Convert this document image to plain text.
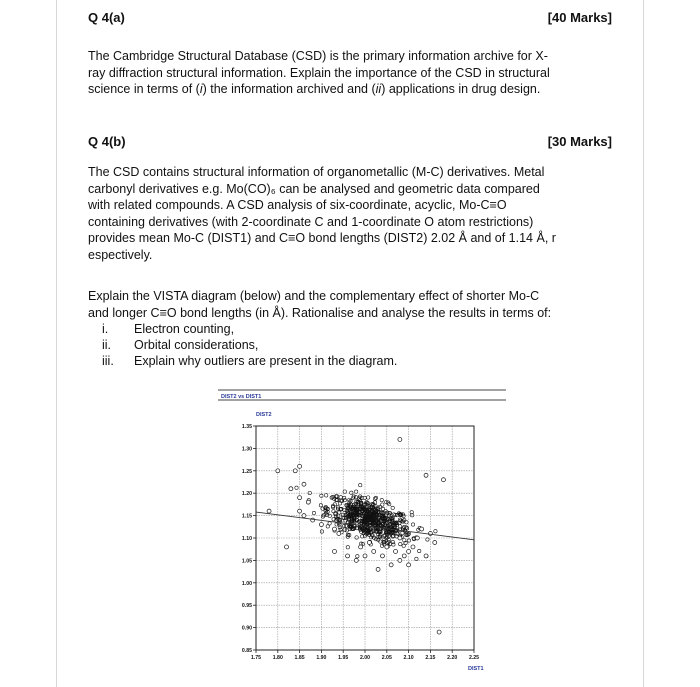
Q 4(a)	[40 Marks]
The Cambridge Structural Database (CSD) is the primary information archive for X-
ray diffraction structural information. Explain the importance of the CSD in structural
science in terms of (i) the information archived and (ii) applications in drug design.
Q 4(b)	[30 Marks]
The CSD contains structural information of organometallic (M-C) derivatives. Metal
carbonyl derivatives e.g. Mo(CO)₆ can be analysed and geometric data compared
with related compounds. A CSD analysis of six-coordinate, acyclic, Mo-C≡O
containing derivatives (with 2-coordinate C and 1-coordinate O atom restrictions)
provides mean Mo-C (DIST1) and C≡O bond lengths (DIST2) 2.02 Å and of 1.14 Å, r
espectively.
Explain the VISTA diagram (below) and the complementary effect of shorter Mo-C
and longer C≡O bond lengths (in Å). Rationalise and analyse the results in terms of:
i.	Electron counting,
ii.	Orbital considerations,
iii.	Explain why outliers are present in the diagram.
DIST2 vs DIST1
DIST2
DIST1
1.35
1.30
1.25
1.20
1.15
1.10
1.05
1.00
0.95
0.90
0.85
1.75 1.80 1.85 1.90 1.95 2.00 2.05 2.10 2.15 2.20 2.25
